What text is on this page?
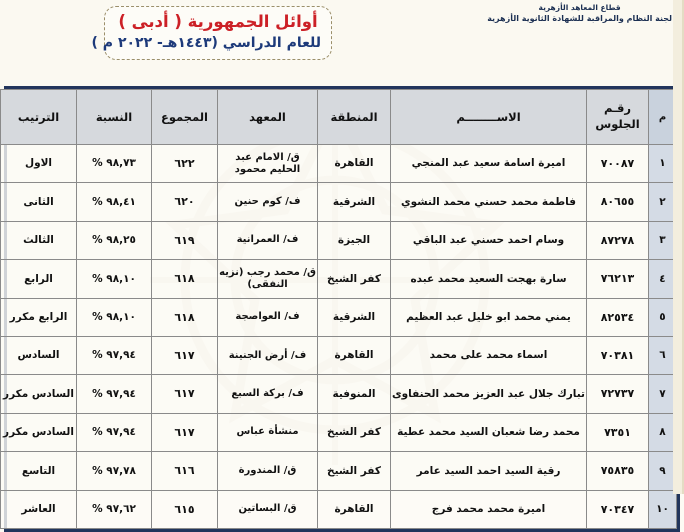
قطاع المعاهد الأزهرية
لجنة النظام والمراقبة للشهادة الثانوية الأزهرية
أوائل الجمهورية ( أدبى )
للعام الدراسي (١٤٤٣هـ- ٢٠٢٢ م )
م	رقـم الجلوس	الاســــــــم	المنطقة	المعهد	المجموع	النسبة	الترتيب
١	٧٠٠٨٧	اميرة اسامة سعيد عبد المنجي	القاهرة	ق/ الامام عبد الحليم محمود	٦٢٢	٩٨,٧٣ %	الاول
٢	٨٠٦٥٥	فاطمة محمد حسني محمد النشوي	الشرقية	ف/ كوم حنين	٦٢٠	٩٨,٤١ %	الثانى
٣	٨٧٢٧٨	وسام احمد حسني عبد الباقي	الجيزة	ف/ العمرانية	٦١٩	٩٨,٢٥ %	الثالث
٤	٧٦٢١٣	سارة بهجت السعيد محمد عبده	كفر الشيخ	ق/ محمد رجب (نزيه النفقى)	٦١٨	٩٨,١٠ %	الرابع
٥	٨٢٥٣٤	يمني محمد ابو خليل عبد العظيم	الشرقية	ف/ العواصجة	٦١٨	٩٨,١٠ %	الرابع مكرر
٦	٧٠٣٨١	اسماء محمد على محمد	القاهرة	ف/ أرض الجنينة	٦١٧	٩٧,٩٤ %	السادس
٧	٧٢٧٣٧	تبارك جلال عبد العزيز محمد الحنفاوى	المنوفية	ف/ بركة السبع	٦١٧	٩٧,٩٤ %	السادس مكرر
٨	٧٣٥١	محمد رضا شعبان السيد محمد عطية	كفر الشيخ	منشأة عباس	٦١٧	٩٧,٩٤ %	السادس مكرر
٩	٧٥٨٣٥	رقية السيد احمد السيد عامر	كفر الشيخ	ق/ المندورة	٦١٦	٩٧,٧٨ %	التاسع
١٠	٧٠٣٤٧	اميرة محمد محمد فرج	القاهرة	ق/ البساتين	٦١٥	٩٧,٦٢ %	العاشر
